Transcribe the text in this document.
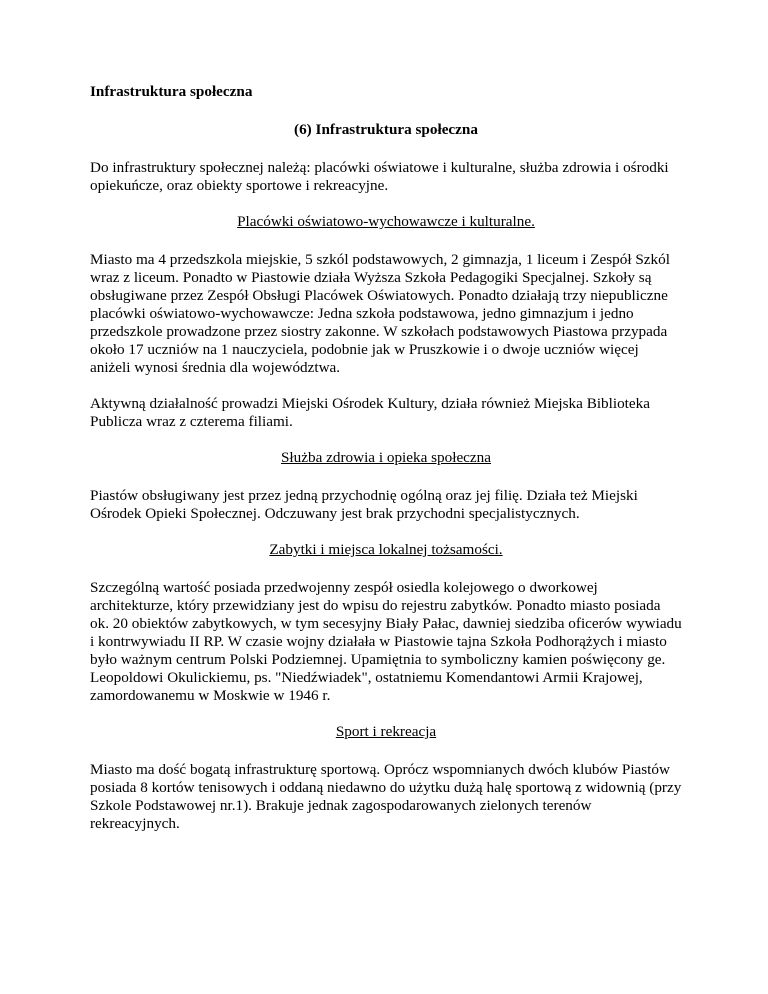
Infrastruktura społeczna

(6) Infrastruktura społeczna

Do infrastruktury społecznej należą: placówki oświatowe i kulturalne, służba zdrowia i ośrodki opiekuńcze, oraz obiekty sportowe i rekreacyjne.

Placówki oświatowo-wychowawcze i kulturalne.

Miasto ma 4 przedszkola miejskie, 5 szkól podstawowych, 2 gimnazja, 1 liceum i Zespół Szkól wraz z liceum. Ponadto w Piastowie działa Wyższa Szkoła Pedagogiki Specjalnej. Szkoły są obsługiwane przez Zespół Obsługi Placówek Oświatowych. Ponadto działają trzy niepubliczne placówki oświatowo-wychowawcze: Jedna szkoła podstawowa, jedno gimnazjum i jedno przedszkole prowadzone przez siostry zakonne. W szkołach podstawowych Piastowa przypada około 17 uczniów na 1 nauczyciela, podobnie jak w Pruszkowie i o dwoje uczniów więcej aniżeli wynosi średnia dla województwa.

Aktywną działalność prowadzi Miejski Ośrodek Kultury, działa również Miejska Biblioteka Publicza wraz z czterema filiami.

Służba zdrowia i opieka społeczna

Piastów obsługiwany jest przez jedną przychodnię ogólną oraz jej filię. Działa też Miejski Ośrodek Opieki Społecznej. Odczuwany jest brak przychodni specjalistycznych.

Zabytki i miejsca lokalnej tożsamości.

Szczególną wartość posiada przedwojenny zespół osiedla kolejowego o dworkowej architekturze, który przewidziany jest do wpisu do rejestru zabytków. Ponadto miasto posiada ok. 20 obiektów zabytkowych, w tym secesyjny Biały Pałac, dawniej siedziba oficerów wywiadu i kontrwywiadu II RP. W czasie wojny działała w Piastowie tajna Szkoła Podhorążych i miasto było ważnym centrum Polski Podziemnej. Upamiętnia to symboliczny kamien poświęcony ge. Leopoldowi Okulickiemu, ps. "Niedźwiadek", ostatniemu Komendantowi Armii Krajowej, zamordowanemu w Moskwie w 1946 r.

Sport i rekreacja

Miasto ma dość bogatą infrastrukturę sportową. Oprócz wspomnianych dwóch klubów Piastów posiada 8 kortów tenisowych i oddaną niedawno do użytku dużą halę sportową z widownią (przy Szkole Podstawowej nr.1). Brakuje jednak zagospodarowanych zielonych terenów rekreacyjnych.
